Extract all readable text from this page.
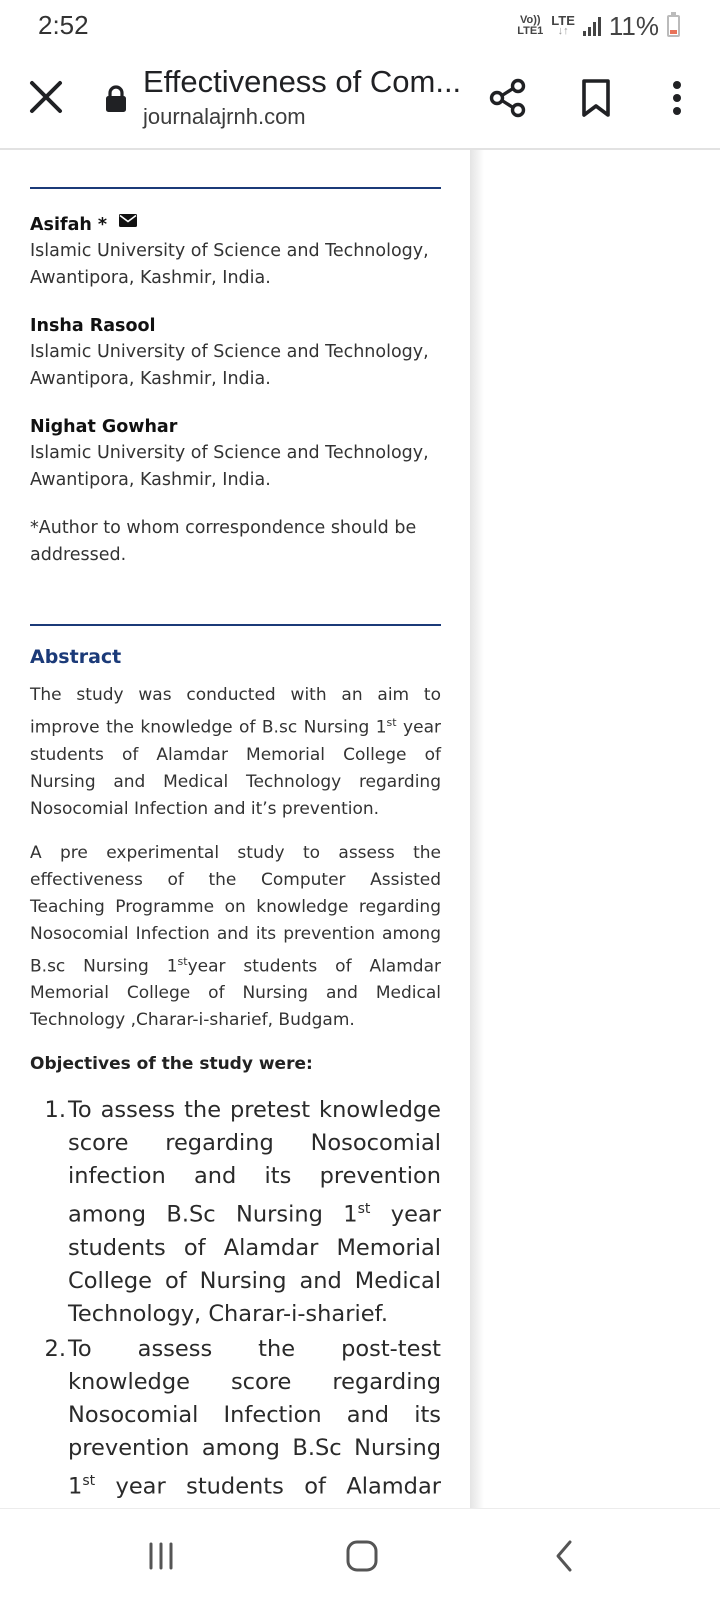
2:52	Vo))
LTE1
LTE
↓↑ 11%
Effectiveness of Com...
journalajrnh.com
Asifah *
Islamic University of Science and Technology,
Awantipora, Kashmir, India.
Insha Rasool
Islamic University of Science and Technology,
Awantipora, Kashmir, India.
Nighat Gowhar
Islamic University of Science and Technology,
Awantipora, Kashmir, India.
*Author to whom correspondence should be addressed.
Abstract

The study was conducted with an aim to improve the knowledge of B.sc Nursing 1st year students of Alamdar Memorial College of Nursing and Medical Technology regarding Nosocomial Infection and it’s prevention.

A pre experimental study to assess the effectiveness of the Computer Assisted Teaching Programme on knowledge regarding Nosocomial Infection and its prevention among B.sc Nursing 1styear students of Alamdar Memorial College of Nursing and Medical Technology ,Charar-i-sharief, Budgam.

Objectives of the study were:
1. To assess the pretest knowledge score regarding Nosocomial infection and its prevention among B.Sc Nursing 1st year students of Alamdar Memorial College of Nursing and Medical Technology, Charar-i-sharief.
2. To assess the post-test knowledge score regarding Nosocomial Infection and its prevention among B.Sc Nursing 1st year students of Alamdar
